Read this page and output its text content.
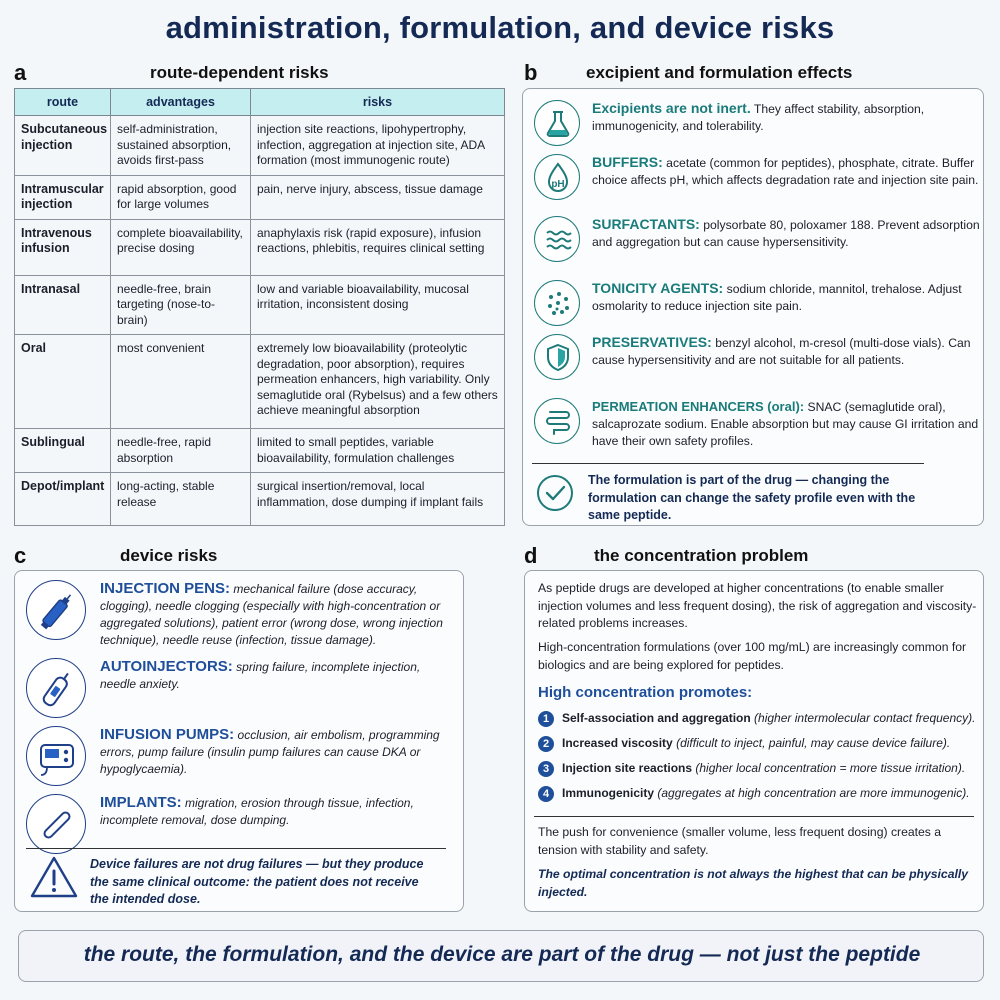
administration, formulation, and device risks
a	route-dependent risks
route	advantages	risks
Subcutaneous injection	self-administration, sustained absorption, avoids first-pass	injection site reactions, lipohypertrophy, infection, aggregation at injection site, ADA formation (most immunogenic route)
Intramuscular injection	rapid absorption, good for large volumes	pain, nerve injury, abscess, tissue damage
Intravenous infusion	complete bioavailability, precise dosing	anaphylaxis risk (rapid exposure), infusion reactions, phlebitis, requires clinical setting
Intranasal	needle-free, brain targeting (nose-to-brain)	low and variable bioavailability, mucosal irritation, inconsistent dosing
Oral	most convenient	extremely low bioavailability (proteolytic degradation, poor absorption), requires permeation enhancers, high variability. Only semaglutide oral (Rybelsus) and a few others achieve meaningful absorption
Sublingual	needle-free, rapid absorption	limited to small peptides, variable bioavailability, formulation challenges
Depot/implant	long-acting, stable release	surgical insertion/removal, local inflammation, dose dumping if implant fails
b	excipient and formulation effects
Excipients are not inert. They affect stability, absorption, immunogenicity, and tolerability.
pH
BUFFERS: acetate (common for peptides), phosphate, citrate. Buffer choice affects pH, which affects degradation rate and injection site pain.
SURFACTANTS: polysorbate 80, poloxamer 188. Prevent adsorption and aggregation but can cause hypersensitivity.
TONICITY AGENTS: sodium chloride, mannitol, trehalose. Adjust osmolarity to reduce injection site pain.
PRESERVATIVES: benzyl alcohol, m-cresol (multi-dose vials). Can cause hypersensitivity and are not suitable for all patients.
PERMEATION ENHANCERS (oral): SNAC (semaglutide oral), salcaprozate sodium. Enable absorption but may cause GI irritation and have their own safety profiles.
The formulation is part of the drug — changing the formulation can change the safety profile even with the same peptide.
c	device risks
INJECTION PENS: mechanical failure (dose accuracy, clogging), needle clogging (especially with high-concentration or aggregated solutions), patient error (wrong dose, wrong injection technique), needle reuse (infection, tissue damage).
AUTOINJECTORS: spring failure, incomplete injection, needle anxiety.
INFUSION PUMPS: occlusion, air embolism, programming errors, pump failure (insulin pump failures can cause DKA or hypoglycaemia).
IMPLANTS: migration, erosion through tissue, infection, incomplete removal, dose dumping.
Device failures are not drug failures — but they produce the same clinical outcome: the patient does not receive the intended dose.
d	the concentration problem
As peptide drugs are developed at higher concentrations (to enable smaller injection volumes and less frequent dosing), the risk of aggregation and viscosity-related problems increases.
High-concentration formulations (over 100 mg/mL) are increasingly common for biologics and are being explored for peptides.
High concentration promotes:
1 Self-association and aggregation (higher intermolecular contact frequency).
2 Increased viscosity (difficult to inject, painful, may cause device failure).
3 Injection site reactions (higher local concentration = more tissue irritation).
4 Immunogenicity (aggregates at high concentration are more immunogenic).
The push for convenience (smaller volume, less frequent dosing) creates a tension with stability and safety.
The optimal concentration is not always the highest that can be physically injected.
the route, the formulation, and the device are part of the drug — not just the peptide
